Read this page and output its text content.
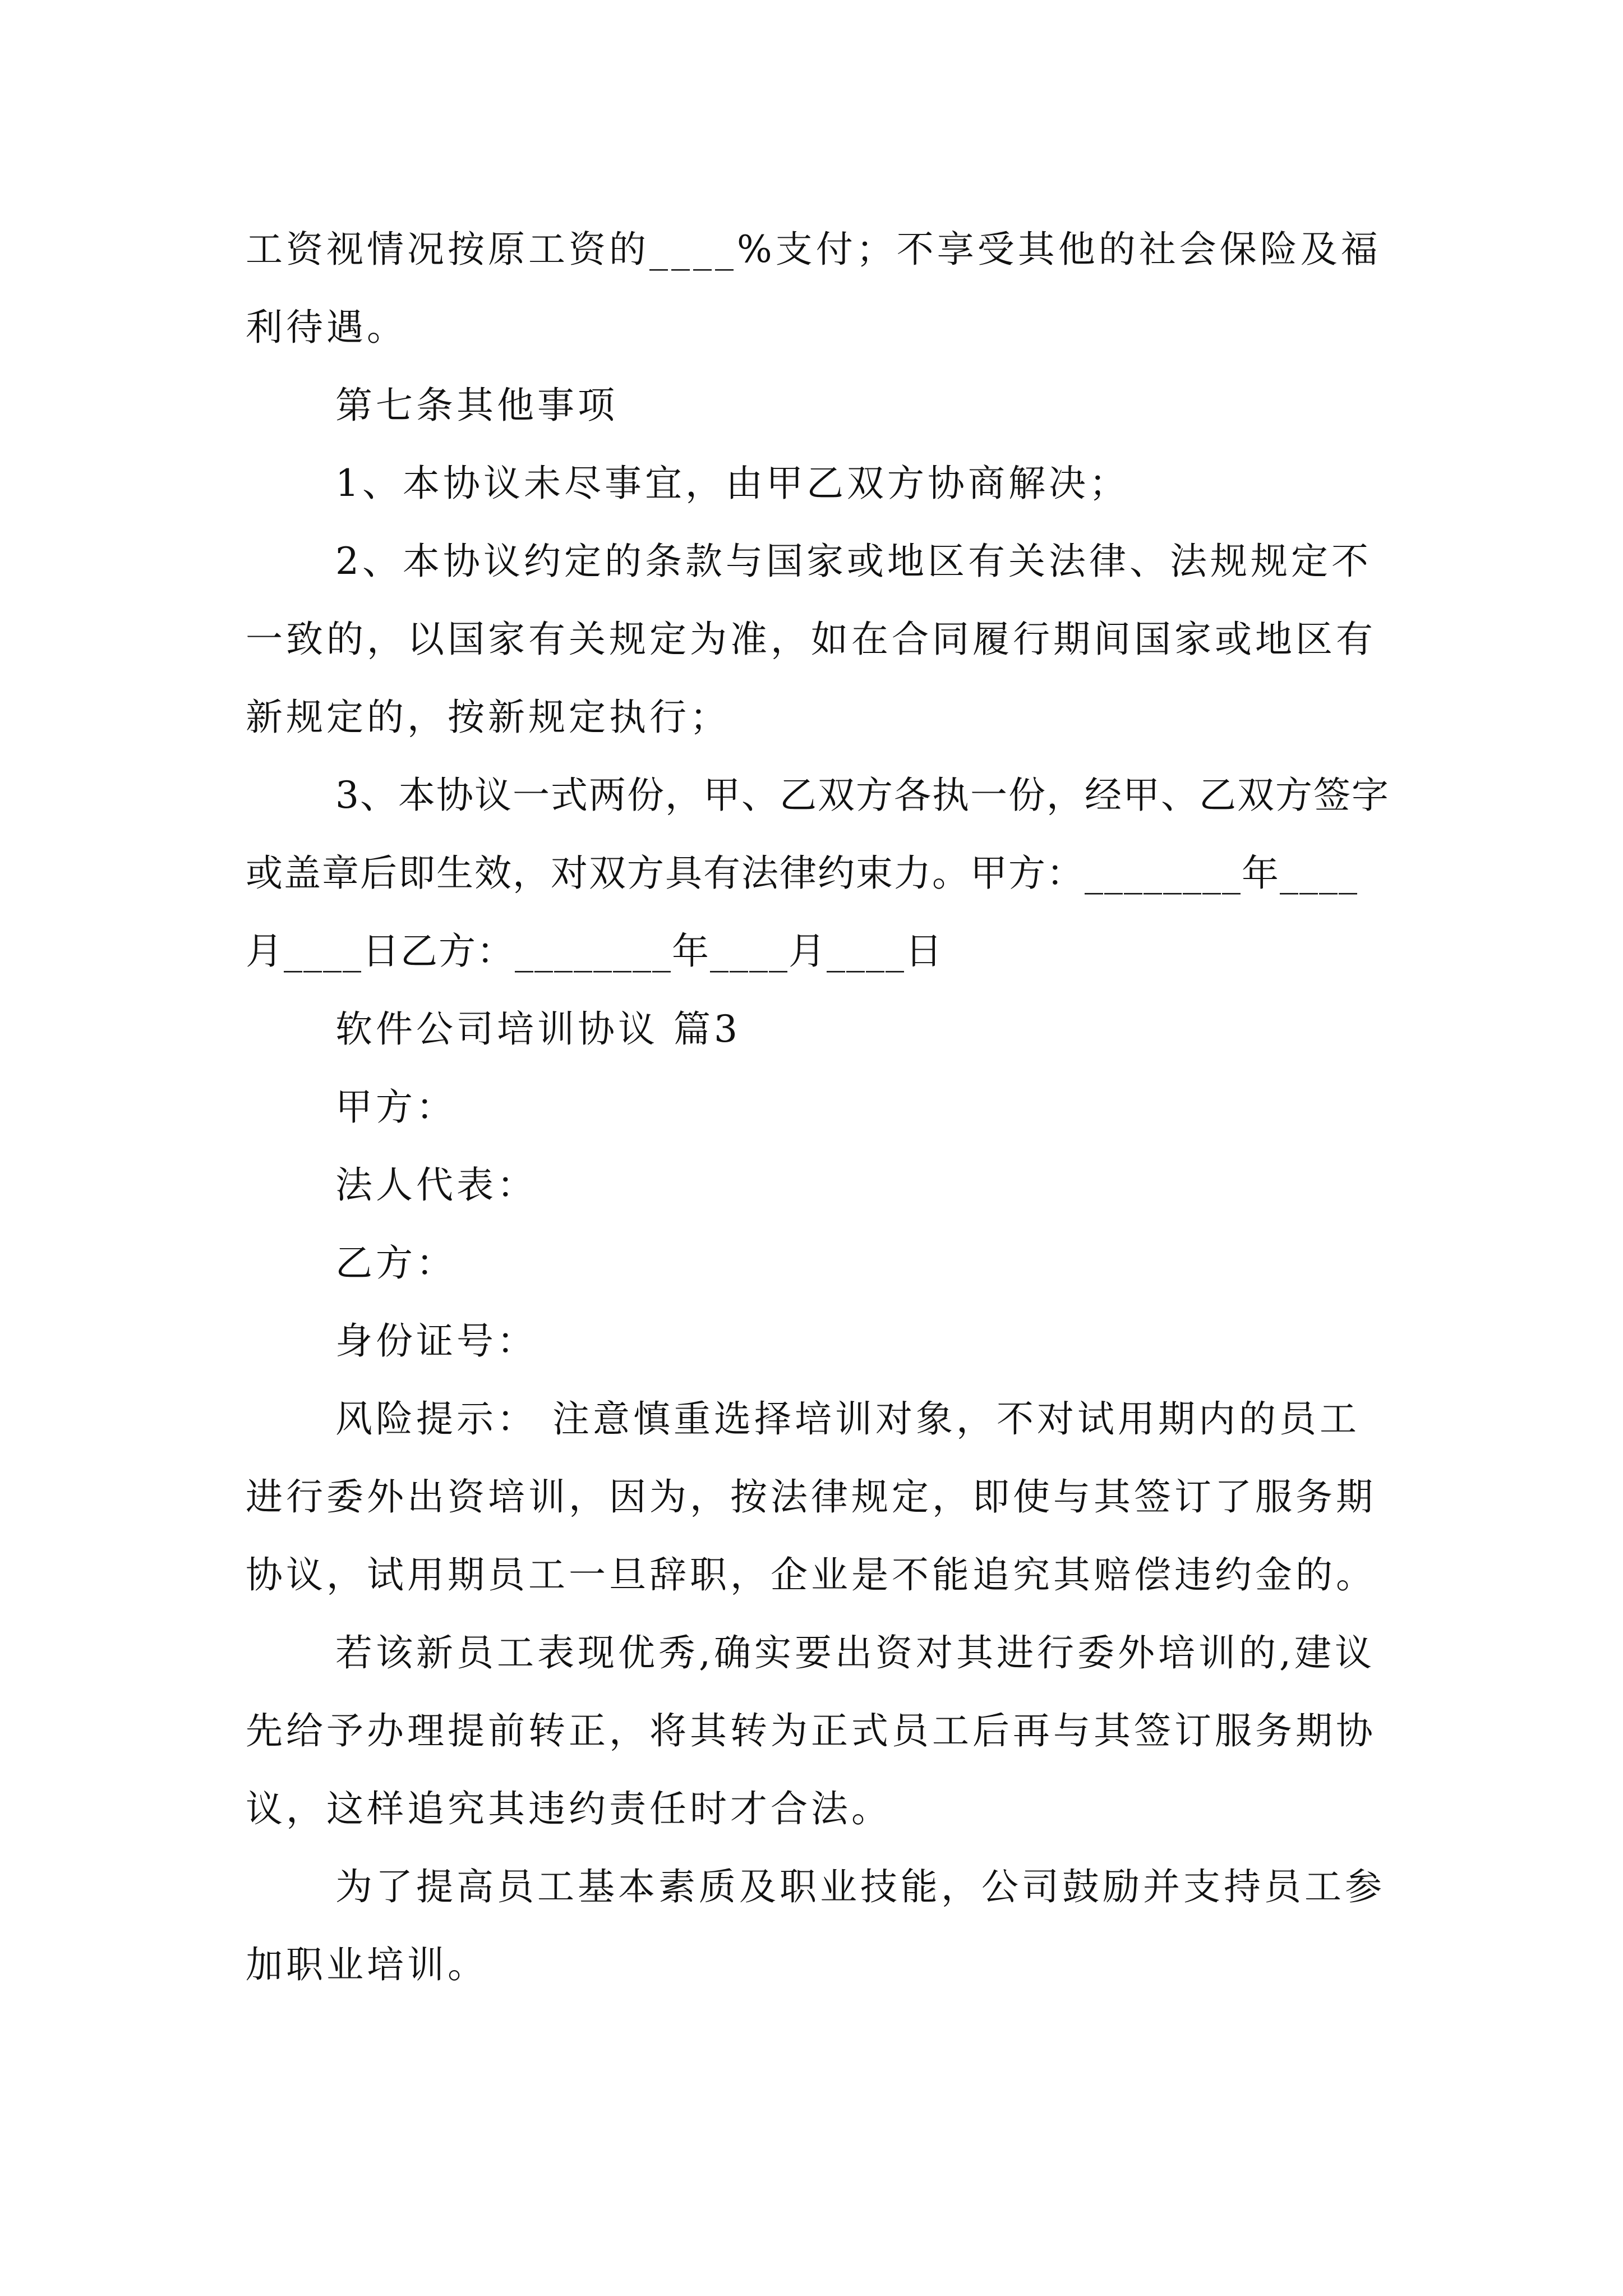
工资视情况按原工资的____%支付；不享受其他的社会保险及福利待遇。

第七条其他事项

1、本协议未尽事宜，由甲乙双方协商解决；

2、本协议约定的条款与国家或地区有关法律、法规规定不一致的，以国家有关规定为准，如在合同履行期间国家或地区有新规定的，按新规定执行；

3、本协议一式两份，甲、乙双方各执一份，经甲、乙双方签字或盖章后即生效，对双方具有法律约束力。甲方：________年____月____日乙方：________年____月____日

软件公司培训协议 篇3

甲方：

法人代表：

乙方：

身份证号：

风险提示： 注意慎重选择培训对象，不对试用期内的员工进行委外出资培训，因为，按法律规定，即使与其签订了服务期协议，试用期员工一旦辞职，企业是不能追究其赔偿违约金的。

若该新员工表现优秀,确实要出资对其进行委外培训的,建议先给予办理提前转正，将其转为正式员工后再与其签订服务期协议，这样追究其违约责任时才合法。

为了提高员工基本素质及职业技能，公司鼓励并支持员工参加职业培训。
